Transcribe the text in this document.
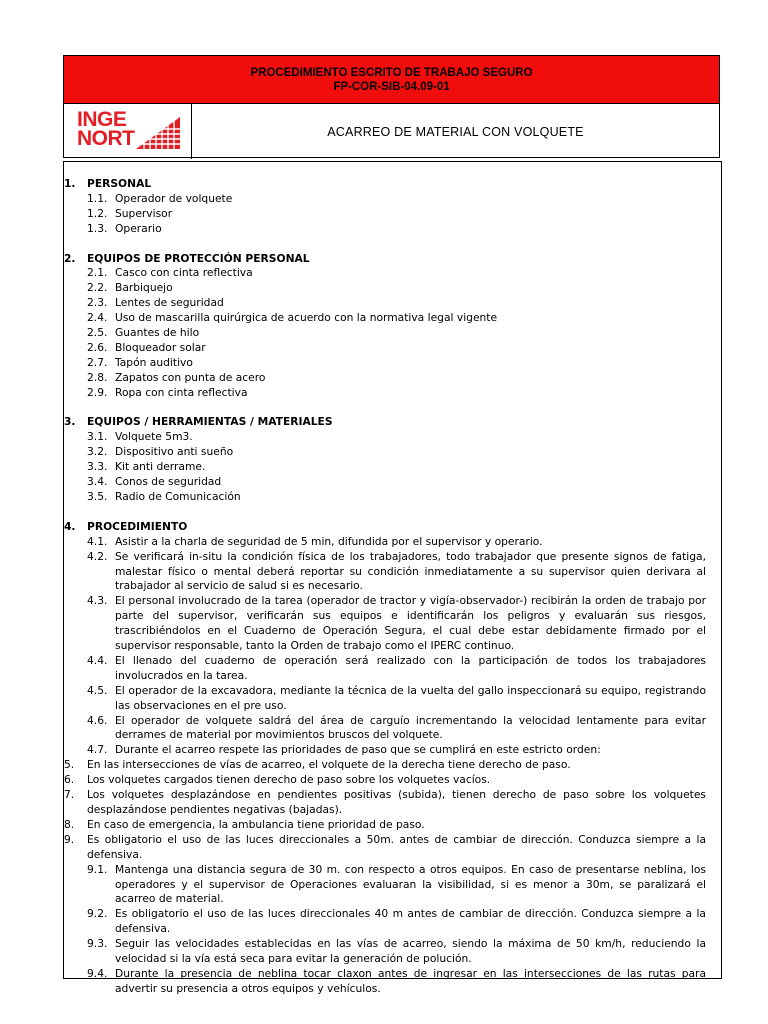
PROCEDIMIENTO ESCRITO DE TRABAJO SEGURO
FP-COR-SIB-04.09-01
INGE
NORT	ACARREO DE MATERIAL CON VOLQUETE
1.	PERSONAL
1.1. Operador de volquete
1.2. Supervisor
1.3. Operario
2.	EQUIPOS DE PROTECCIÓN PERSONAL
2.1. Casco con cinta reflectiva
2.2. Barbiquejo
2.3. Lentes de seguridad
2.4. Uso de mascarilla quirúrgica de acuerdo con la normativa legal vigente
2.5. Guantes de hilo
2.6. Bloqueador solar
2.7. Tapón auditivo
2.8. Zapatos con punta de acero
2.9. Ropa con cinta reflectiva
3.	EQUIPOS / HERRAMIENTAS / MATERIALES
3.1. Volquete 5m3.
3.2. Dispositivo anti sueño
3.3. Kit anti derrame.
3.4. Conos de seguridad
3.5. Radio de Comunicación
4.	PROCEDIMIENTO
4.1. Asistir a la charla de seguridad de 5 min, difundida por el supervisor y operario.
4.2. Se verificará in-situ la condición física de los trabajadores, todo trabajador que presente signos de fatiga, malestar físico o mental deberá reportar su condición inmediatamente a su supervisor quien derivara al trabajador al servicio de salud si es necesario.
4.3. El personal involucrado de la tarea (operador de tractor y vigía-observador-) recibirán la orden de trabajo por parte del supervisor, verificarán sus equipos e identificarán los peligros y evaluarán sus riesgos, trascribiéndolos en el Cuaderno de Operación Segura, el cual debe estar debidamente firmado por el supervisor responsable, tanto la Orden de trabajo como el IPERC continuo.
4.4. El llenado del cuaderno de operación será realizado con la participación de todos los trabajadores involucrados en la tarea.
4.5. El operador de la excavadora, mediante la técnica de la vuelta del gallo inspeccionará su equipo, registrando las observaciones en el pre uso.
4.6. El operador de volquete saldrá del área de carguío incrementando la velocidad lentamente para evitar derrames de material por movimientos bruscos del volquete.
4.7. Durante el acarreo respete las prioridades de paso que se cumplirá en este estricto orden:
5.	En las intersecciones de vías de acarreo, el volquete de la derecha tiene derecho de paso.
6.	Los volquetes cargados tienen derecho de paso sobre los volquetes vacíos.
7.	Los volquetes desplazándose en pendientes positivas (subida), tienen derecho de paso sobre los volquetes desplazándose pendientes negativas (bajadas).
8.	En caso de emergencia, la ambulancia tiene prioridad de paso.
9.	Es obligatorio el uso de las luces direccionales a 50m. antes de cambiar de dirección. Conduzca siempre a la defensiva.
9.1. Mantenga una distancia segura de 30 m. con respecto a otros equipos. En caso de presentarse neblina, los operadores y el supervisor de Operaciones evaluaran la visibilidad, si es menor a 30m, se paralizará el acarreo de material.
9.2. Es obligatorio el uso de las luces direccionales 40 m antes de cambiar de dirección. Conduzca siempre a la defensiva.
9.3. Seguir las velocidades establecidas en las vías de acarreo, siendo la máxima de 50 km/h, reduciendo la velocidad si la vía está seca para evitar la generación de polución.
9.4. Durante la presencia de neblina tocar claxon antes de ingresar en las intersecciones de las rutas para advertir su presencia a otros equipos y vehículos.
